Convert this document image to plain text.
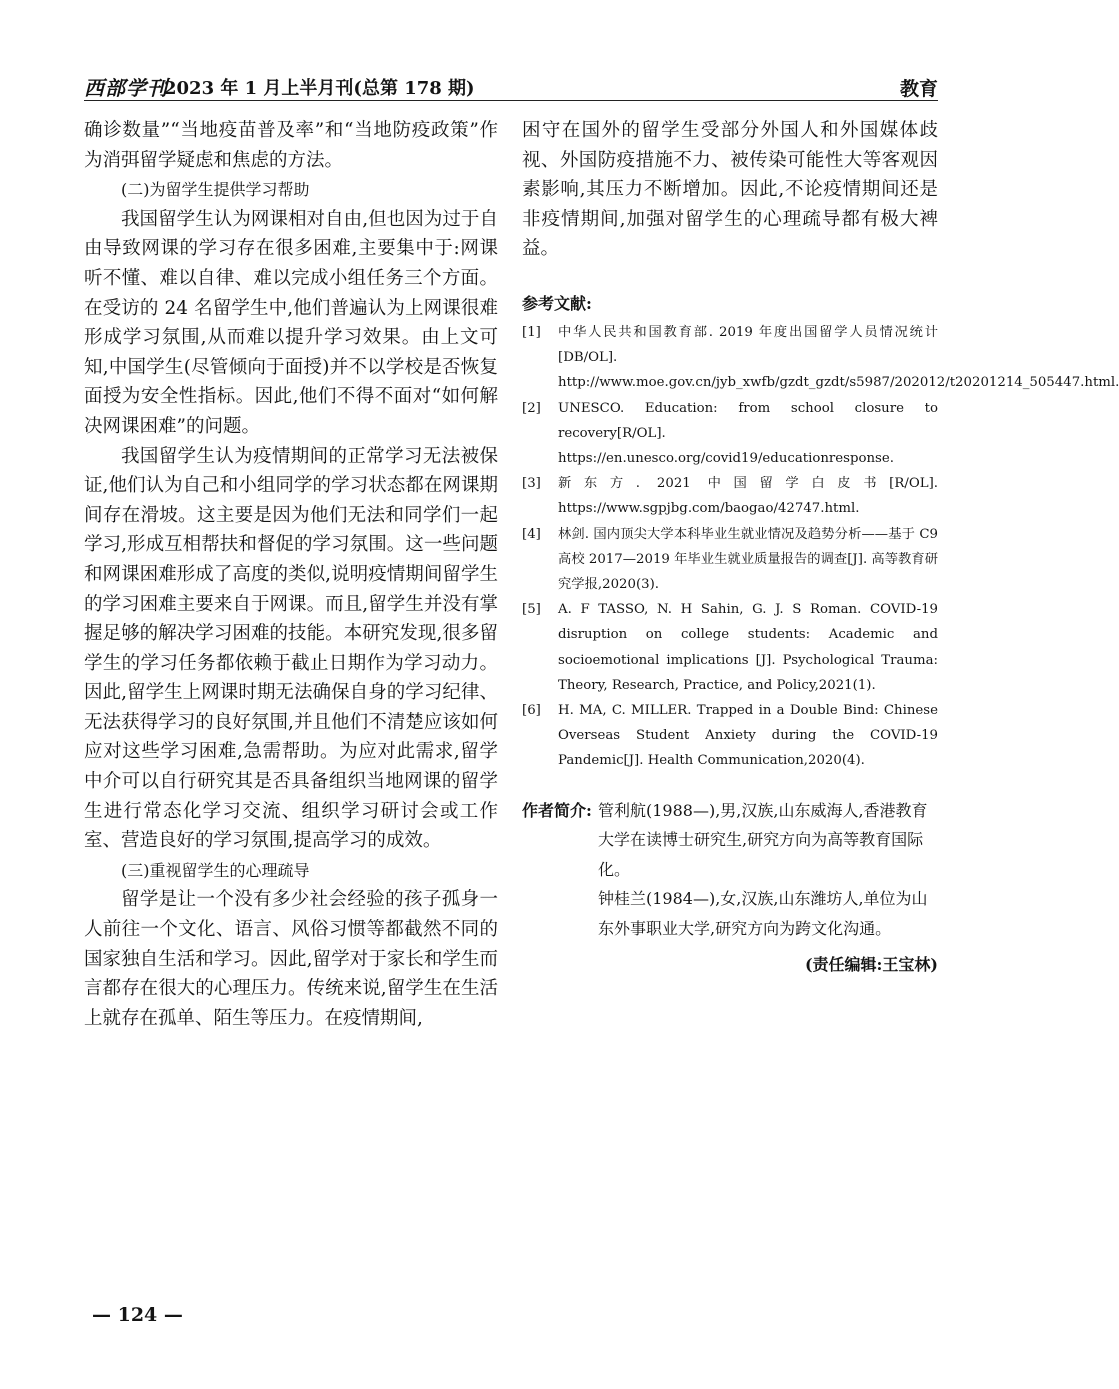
西部学刊
2023 年 1 月上半月刊(总第 178 期)	教育

确诊数量”“当地疫苗普及率”和“当地防疫政策”作为消弭留学疑虑和焦虑的方法。

(二)为留学生提供学习帮助

我国留学生认为网课相对自由,但也因为过于自由导致网课的学习存在很多困难,主要集中于:网课听不懂、难以自律、难以完成小组任务三个方面。在受访的 24 名留学生中,他们普遍认为上网课很难形成学习氛围,从而难以提升学习效果。由上文可知,中国学生(尽管倾向于面授)并不以学校是否恢复面授为安全性指标。因此,他们不得不面对“如何解决网课困难”的问题。

我国留学生认为疫情期间的正常学习无法被保证,他们认为自己和小组同学的学习状态都在网课期间存在滑坡。这主要是因为他们无法和同学们一起学习,形成互相帮扶和督促的学习氛围。这一些问题和网课困难形成了高度的类似,说明疫情期间留学生的学习困难主要来自于网课。而且,留学生并没有掌握足够的解决学习困难的技能。本研究发现,很多留学生的学习任务都依赖于截止日期作为学习动力。因此,留学生上网课时期无法确保自身的学习纪律、无法获得学习的良好氛围,并且他们不清楚应该如何应对这些学习困难,急需帮助。为应对此需求,留学中介可以自行研究其是否具备组织当地网课的留学生进行常态化学习交流、组织学习研讨会或工作室、营造良好的学习氛围,提高学习的成效。

(三)重视留学生的心理疏导

留学是让一个没有多少社会经验的孩子孤身一人前往一个文化、语言、风俗习惯等都截然不同的国家独自生活和学习。因此,留学对于家长和学生而言都存在很大的心理压力。传统来说,留学生在生活上就存在孤单、陌生等压力。在疫情期间,

困守在国外的留学生受部分外国人和外国媒体歧视、外国防疫措施不力、被传染可能性大等客观因素影响,其压力不断增加。因此,不论疫情期间还是非疫情期间,加强对留学生的心理疏导都有极大裨益。

参考文献:

[1] 中华人民共和国教育部. 2019 年度出国留学人员情况统计[DB/OL]. http://www.moe.gov.cn/jyb_xwfb/gzdt_gzdt/s5987/202012/t20201214_505447.html.

[2] UNESCO. Education: from school closure to recovery[R/OL]. https://en.unesco.org/covid19/educationresponse.

[3] 新东方. 2021 中国留学白皮书[R/OL]. https://www.sgpjbg.com/baogao/42747.html.

[4] 林剑. 国内顶尖大学本科毕业生就业情况及趋势分析——基于 C9 高校 2017—2019 年毕业生就业质量报告的调查[J]. 高等教育研究学报,2020(3).

[5] A. F TASSO, N. H Sahin, G. J. S Roman. COVID-19 disruption on college students: Academic and socioemotional implications [J]. Psychological Trauma: Theory, Research, Practice, and Policy,2021(1).

[6] H. MA, C. MILLER. Trapped in a Double Bind: Chinese Overseas Student Anxiety during the COVID-19 Pandemic[J]. Health Communication,2020(4).

作者简介: 管利航(1988—),男,汉族,山东威海人,香港教育大学在读博士研究生,研究方向为高等教育国际化。

钟桂兰(1984—),女,汉族,山东潍坊人,单位为山东外事职业大学,研究方向为跨文化沟通。

(责任编辑:王宝林)
— 124 —
